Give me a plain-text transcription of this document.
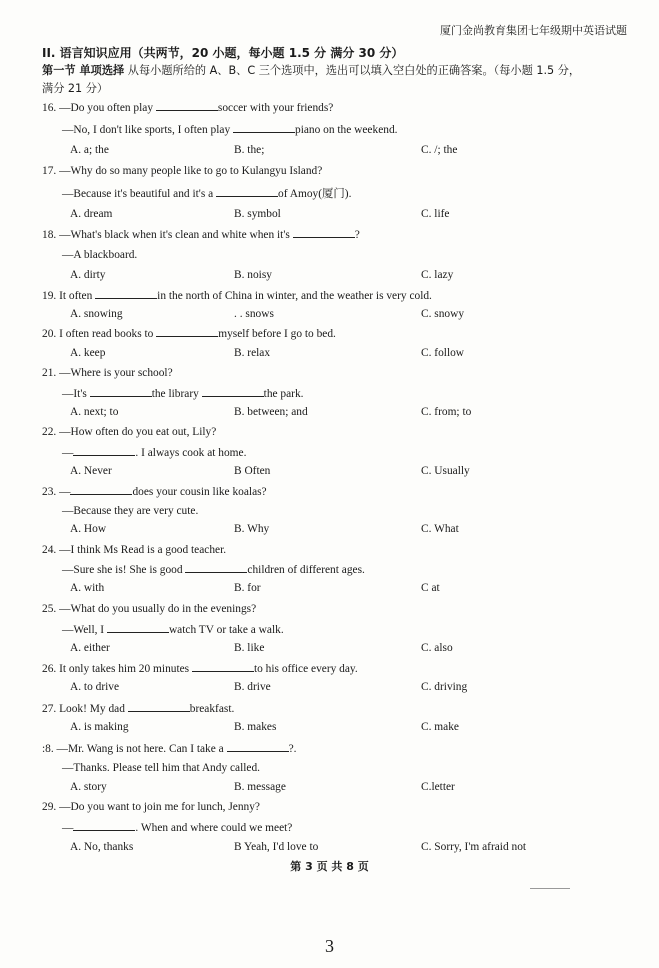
厦门金尚教育集团七年级期中英语试题
II. 语言知识应用（共两节，20 小题，每小题 1.5 分 满分 30 分）
第一节 单项选择 从每小题所给的 A、B、C 三个选项中，选出可以填入空白处的正确答案。（每小题 1.5 分，
满分 21 分）
16. —Do you often play	soccer with your friends?
—No, I don't like sports, I often play	piano on the weekend.
A. a; the	B. the;	C. /; the
17. —Why do so many people like to go to Kulangyu Island?
—Because it's beautiful and it's a	of Amoy(厦门).
A. dream	B. symbol	C. life
18. —What's black when it's clean and white when it's	?
—A blackboard.
A. dirty	B. noisy	C. lazy
19. It often	in the north of China in winter, and the weather is very cold.
A. snowing	. . snows	C. snowy
20. I often read books to	myself before I go to bed.
A. keep	B. relax	C. follow
21. —Where is your school?
—It's	the library	the park.
A. next; to	B. between; and	C. from; to
22. —How often do you eat out, Lily?
—	. I always cook at home.
A. Never	B Often	C. Usually
23. —	does your cousin like koalas?
—Because they are very cute.
A. How	B. Why	C. What
24. —I think Ms Read is a good teacher.
—Sure she is! She is good	children of different ages.
A. with	B. for	C at
25. —What do you usually do in the evenings?
—Well, I	watch TV or take a walk.
A. either	B. like	C. also
26. It only takes him 20 minutes	to his office every day.
A. to drive	B. drive	C. driving
27. Look! My dad	breakfast.
A. is making	B. makes	C. make
:8. —Mr. Wang is not here. Can I take a	?.
—Thanks. Please tell him that Andy called.
A. story	B. message	C.letter
29. —Do you want to join me for lunch, Jenny?
—	. When and where could we meet?
A. No, thanks	B Yeah, I'd love to	C. Sorry, I'm afraid not
第 3 页 共 8 页
3
